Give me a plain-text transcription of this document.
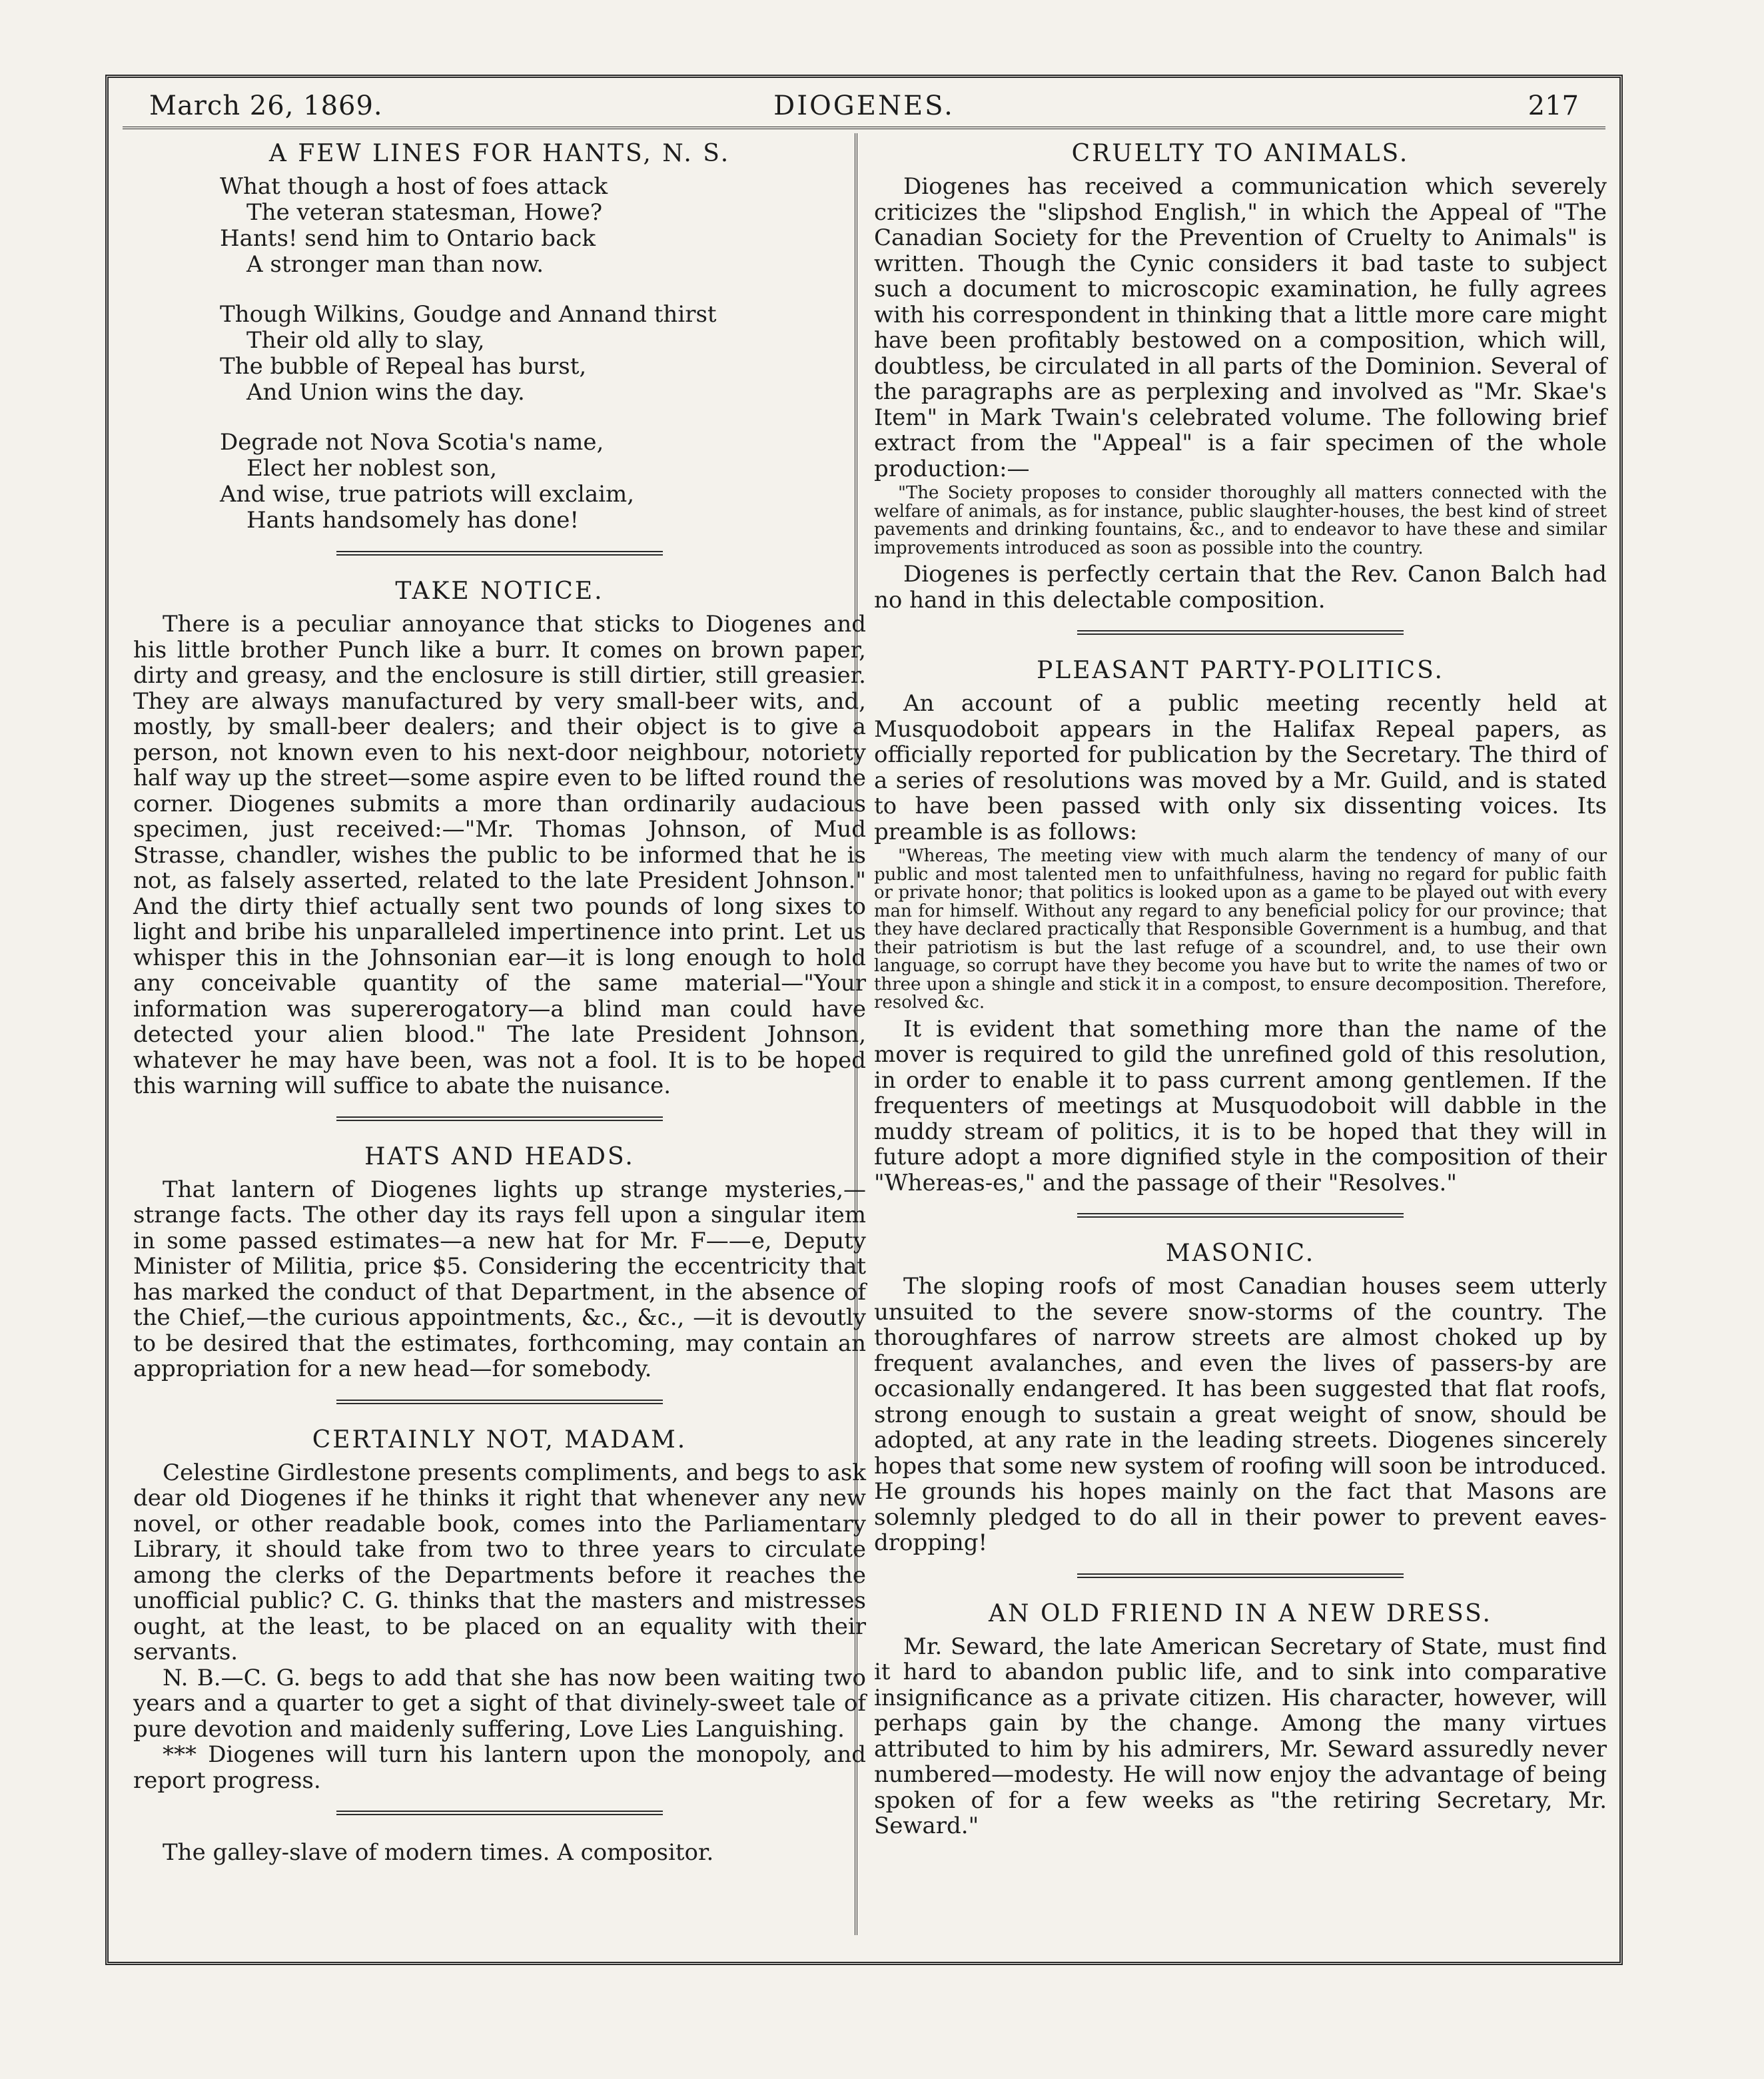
March 26, 1869.	DIOGENES.	217
A FEW LINES FOR HANTS, N. S.
What though a host of foes attack
The veteran statesman, Howe?
Hants! send him to Ontario back
A stronger man than now.
Though Wilkins, Goudge and Annand thirst
Their old ally to slay,
The bubble of Repeal has burst,
And Union wins the day.
Degrade not Nova Scotia's name,
Elect her noblest son,
And wise, true patriots will exclaim,
Hants handsomely has done!
TAKE NOTICE.

There is a peculiar annoyance that sticks to Diogenes and his little brother Punch like a burr. It comes on brown paper, dirty and greasy, and the enclosure is still dirtier, still greasier. They are always manufactured by very small-beer wits, and, mostly, by small-beer dealers; and their object is to give a person, not known even to his next-door neighbour, notoriety half way up the street—some aspire even to be lifted round the corner. Diogenes submits a more than ordinarily audacious specimen, just received:—"Mr. Thomas Johnson, of Mud Strasse, chandler, wishes the public to be informed that he is not, as falsely asserted, related to the late President Johnson." And the dirty thief actually sent two pounds of long sixes to light and bribe his unparalleled impertinence into print. Let us whisper this in the Johnsonian ear—it is long enough to hold any conceivable quantity of the same material—"Your information was supererogatory—a blind man could have detected your alien blood." The late President Johnson, whatever he may have been, was not a fool. It is to be hoped this warning will suffice to abate the nuisance.

HATS AND HEADS.

That lantern of Diogenes lights up strange mysteries,—strange facts. The other day its rays fell upon a singular item in some passed estimates—a new hat for Mr. F——e, Deputy Minister of Militia, price $5. Considering the eccentricity that has marked the conduct of that Department, in the absence of the Chief,—the curious appointments, &c., &c., —it is devoutly to be desired that the estimates, forthcoming, may contain an appropriation for a new head—for somebody.

CERTAINLY NOT, MADAM.

Celestine Girdlestone presents compliments, and begs to ask dear old Diogenes if he thinks it right that whenever any new novel, or other readable book, comes into the Parliamentary Library, it should take from two to three years to circulate among the clerks of the Departments before it reaches the unofficial public? C. G. thinks that the masters and mistresses ought, at the least, to be placed on an equality with their servants.

N. B.—C. G. begs to add that she has now been waiting two years and a quarter to get a sight of that divinely-sweet tale of pure devotion and maidenly suffering, Love Lies Languishing.

*** Diogenes will turn his lantern upon the monopoly, and report progress.

The galley-slave of modern times. A compositor.

CRUELTY TO ANIMALS.

Diogenes has received a communication which severely criticizes the "slipshod English," in which the Appeal of "The Canadian Society for the Prevention of Cruelty to Animals" is written. Though the Cynic considers it bad taste to subject such a document to microscopic examination, he fully agrees with his correspondent in thinking that a little more care might have been profitably bestowed on a composition, which will, doubtless, be circulated in all parts of the Dominion. Several of the paragraphs are as perplexing and involved as "Mr. Skae's Item" in Mark Twain's celebrated volume. The following brief extract from the "Appeal" is a fair specimen of the whole production:—

"The Society proposes to consider thoroughly all matters connected with the welfare of animals, as for instance, public slaughter-houses, the best kind of street pavements and drinking fountains, &c., and to endeavor to have these and similar improvements introduced as soon as possible into the country.

Diogenes is perfectly certain that the Rev. Canon Balch had no hand in this delectable composition.

PLEASANT PARTY-POLITICS.

An account of a public meeting recently held at Musquodoboit appears in the Halifax Repeal papers, as officially reported for publication by the Secretary. The third of a series of resolutions was moved by a Mr. Guild, and is stated to have been passed with only six dissenting voices. Its preamble is as follows:

"Whereas, The meeting view with much alarm the tendency of many of our public and most talented men to unfaithfulness, having no regard for public faith or private honor; that politics is looked upon as a game to be played out with every man for himself. Without any regard to any beneficial policy for our province; that they have declared practically that Responsible Government is a humbug, and that their patriotism is but the last refuge of a scoundrel, and, to use their own language, so corrupt have they become you have but to write the names of two or three upon a shingle and stick it in a compost, to ensure decomposition. Therefore, resolved &c.

It is evident that something more than the name of the mover is required to gild the unrefined gold of this resolution, in order to enable it to pass current among gentlemen. If the frequenters of meetings at Musquodoboit will dabble in the muddy stream of politics, it is to be hoped that they will in future adopt a more dignified style in the composition of their "Whereas-es," and the passage of their "Resolves."

MASONIC.

The sloping roofs of most Canadian houses seem utterly unsuited to the severe snow-storms of the country. The thoroughfares of narrow streets are almost choked up by frequent avalanches, and even the lives of passers-by are occasionally endangered. It has been suggested that flat roofs, strong enough to sustain a great weight of snow, should be adopted, at any rate in the leading streets. Diogenes sincerely hopes that some new system of roofing will soon be introduced. He grounds his hopes mainly on the fact that Masons are solemnly pledged to do all in their power to prevent eaves-dropping!

AN OLD FRIEND IN A NEW DRESS.

Mr. Seward, the late American Secretary of State, must find it hard to abandon public life, and to sink into comparative insignificance as a private citizen. His character, however, will perhaps gain by the change. Among the many virtues attributed to him by his admirers, Mr. Seward assuredly never numbered—modesty. He will now enjoy the advantage of being spoken of for a few weeks as "the retiring Secretary, Mr. Seward."
